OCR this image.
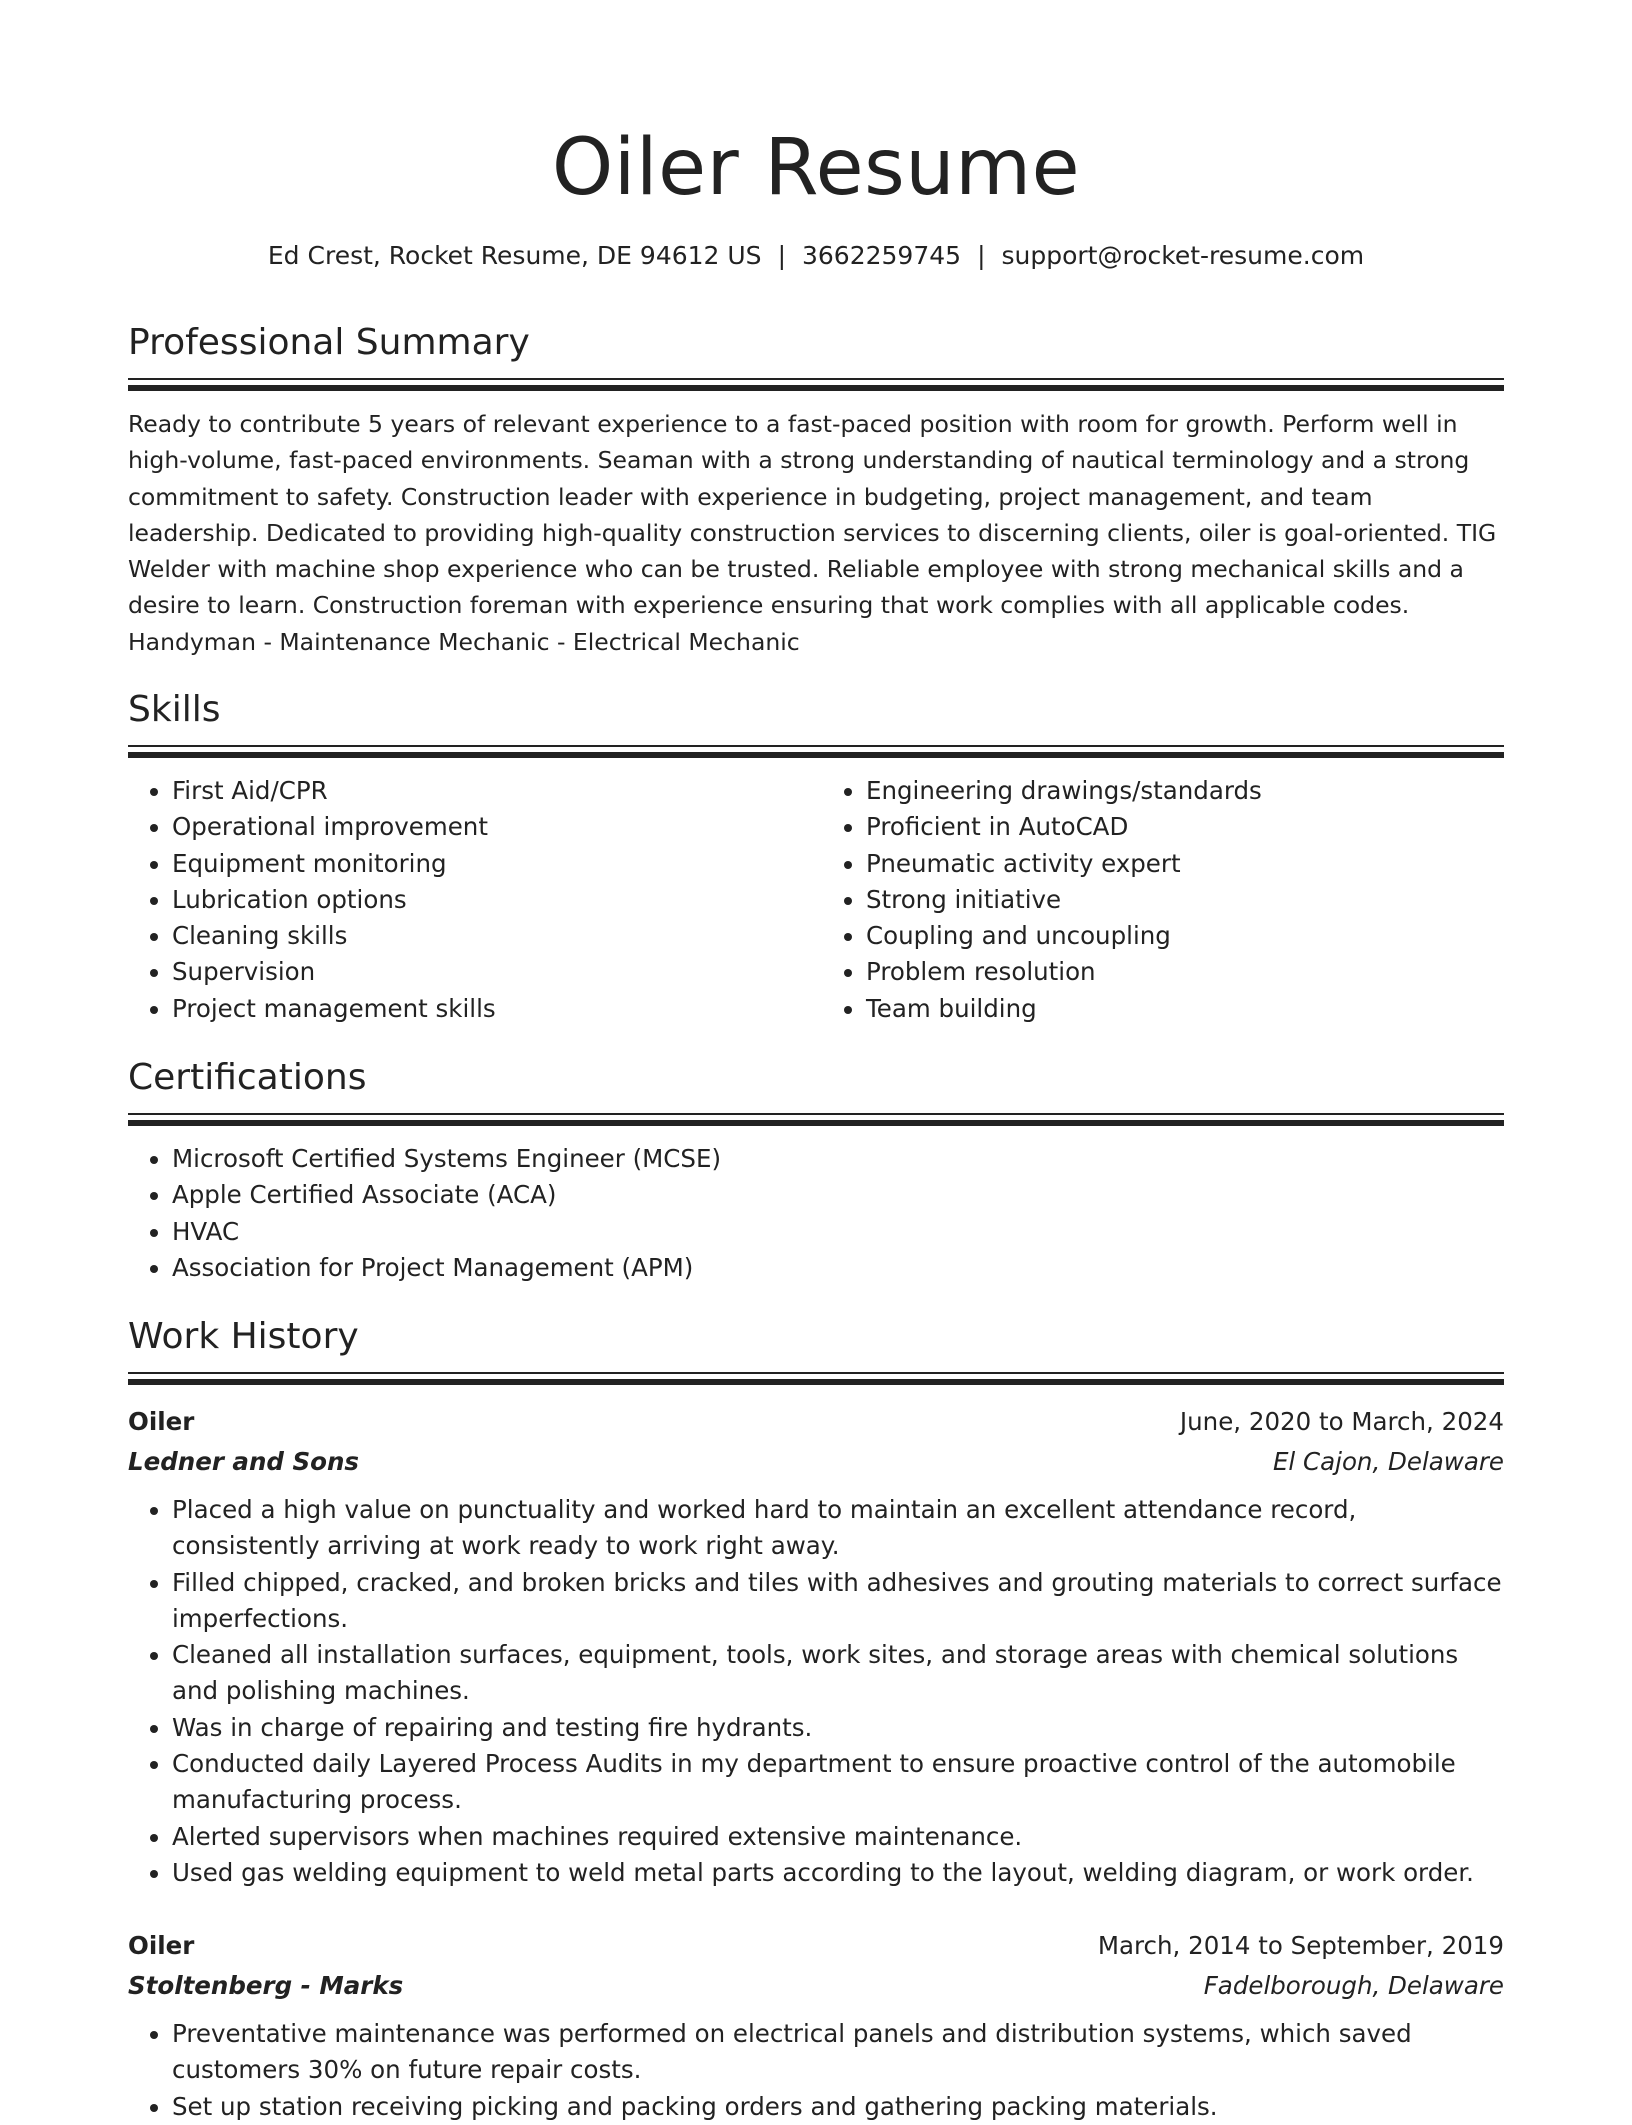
Oiler Resume
Ed Crest, Rocket Resume, DE 94612 US | 3662259745 | support@rocket-resume.com
Professional Summary

Ready to contribute 5 years of relevant experience to a fast-paced position with room for growth. Perform well in high-volume, fast-paced environments. Seaman with a strong understanding of nautical terminology and a strong commitment to safety. Construction leader with experience in budgeting, project management, and team leadership. Dedicated to providing high-quality construction services to discerning clients, oiler is goal-oriented. TIG Welder with machine shop experience who can be trusted. Reliable employee with strong mechanical skills and a desire to learn. Construction foreman with experience ensuring that work complies with all applicable codes. Handyman - Maintenance Mechanic - Electrical Mechanic

Skills
• First Aid/CPR
• Operational improvement
• Equipment monitoring
• Lubrication options
• Cleaning skills
• Supervision
• Project management skills
• Engineering drawings/standards
• Proficient in AutoCAD
• Pneumatic activity expert
• Strong initiative
• Coupling and uncoupling
• Problem resolution
• Team building
Certifications
• Microsoft Certified Systems Engineer (MCSE)
• Apple Certified Associate (ACA)
• HVAC
• Association for Project Management (APM)
Work History
Oiler	June, 2020 to March, 2024
Ledner and Sons	El Cajon, Delaware
• Placed a high value on punctuality and worked hard to maintain an excellent attendance record, consistently arriving at work ready to work right away.
• Filled chipped, cracked, and broken bricks and tiles with adhesives and grouting materials to correct surface imperfections.
• Cleaned all installation surfaces, equipment, tools, work sites, and storage areas with chemical solutions and polishing machines.
• Was in charge of repairing and testing fire hydrants.
• Conducted daily Layered Process Audits in my department to ensure proactive control of the automobile manufacturing process.
• Alerted supervisors when machines required extensive maintenance.
• Used gas welding equipment to weld metal parts according to the layout, welding diagram, or work order.
Oiler	March, 2014 to September, 2019
Stoltenberg - Marks	Fadelborough, Delaware
• Preventative maintenance was performed on electrical panels and distribution systems, which saved customers 30% on future repair costs.
• Set up station receiving picking and packing orders and gathering packing materials.
